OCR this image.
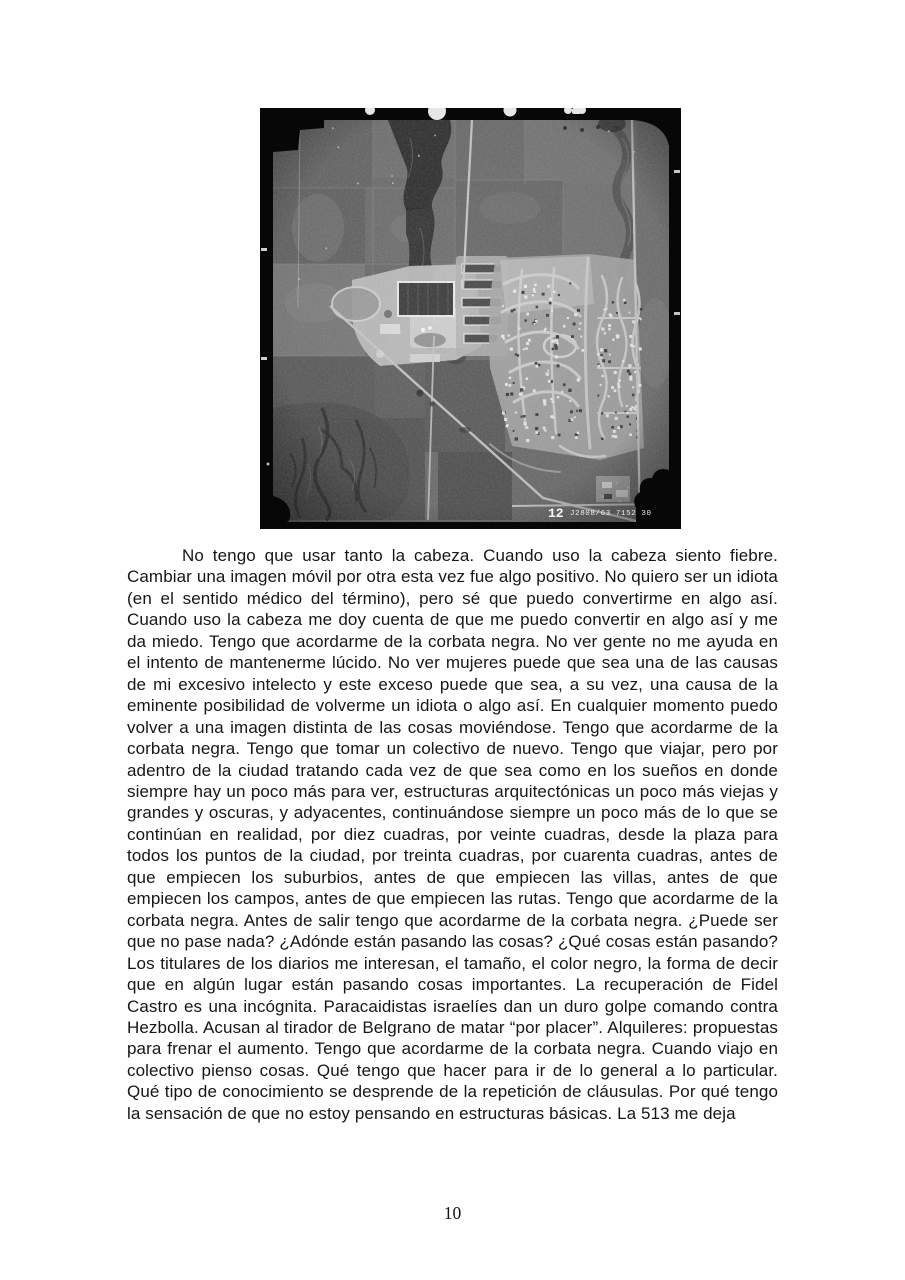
12 J2808/63 7152 30

No tengo que usar tanto la cabeza. Cuando uso la cabeza siento fiebre. Cambiar una imagen móvil por otra esta vez fue algo positivo. No quiero ser un idiota (en el sentido médico del término), pero sé que puedo convertirme en algo así. Cuando uso la cabeza me doy cuenta de que me puedo convertir en algo así y me da miedo. Tengo que acordarme de la corbata negra. No ver gente no me ayuda en el intento de mantenerme lúcido. No ver mujeres puede que sea una de las causas de mi excesivo intelecto y este exceso puede que sea, a su vez, una causa de la eminente posibilidad de volverme un idiota o algo así. En cualquier momento puedo volver a una imagen distinta de las cosas moviéndose. Tengo que acordarme de la corbata negra. Tengo que tomar un colectivo de nuevo. Tengo que viajar, pero por adentro de la ciudad tratando cada vez de que sea como en los sueños en donde siempre hay un poco más para ver, estructuras arquitectónicas un poco más viejas y grandes y oscuras, y adyacentes, continuándose siempre un poco más de lo que se continúan en realidad, por diez cuadras, por veinte cuadras, desde la plaza para todos los puntos de la ciudad, por treinta cuadras, por cuarenta cuadras, antes de que empiecen los suburbios, antes de que empiecen las villas, antes de que empiecen los campos, antes de que empiecen las rutas. Tengo que acordarme de la corbata negra. Antes de salir tengo que acordarme de la corbata negra. ¿Puede ser que no pase nada? ¿Adónde están pasando las cosas? ¿Qué cosas están pasando? Los titulares de los diarios me interesan, el tamaño, el color negro, la forma de decir que en algún lugar están pasando cosas importantes. La recuperación de Fidel Castro es una incógnita. Paracaidistas israelíes dan un duro golpe comando contra Hezbolla. Acusan al tirador de Belgrano de matar “por placer”. Alquileres: propuestas para frenar el aumento. Tengo que acordarme de la corbata negra. Cuando viajo en colectivo pienso cosas. Qué tengo que hacer para ir de lo general a lo particular. Qué tipo de conocimiento se desprende de la repetición de cláusulas. Por qué tengo la sensación de que no estoy pensando en estructuras básicas. La 513 me deja

10
